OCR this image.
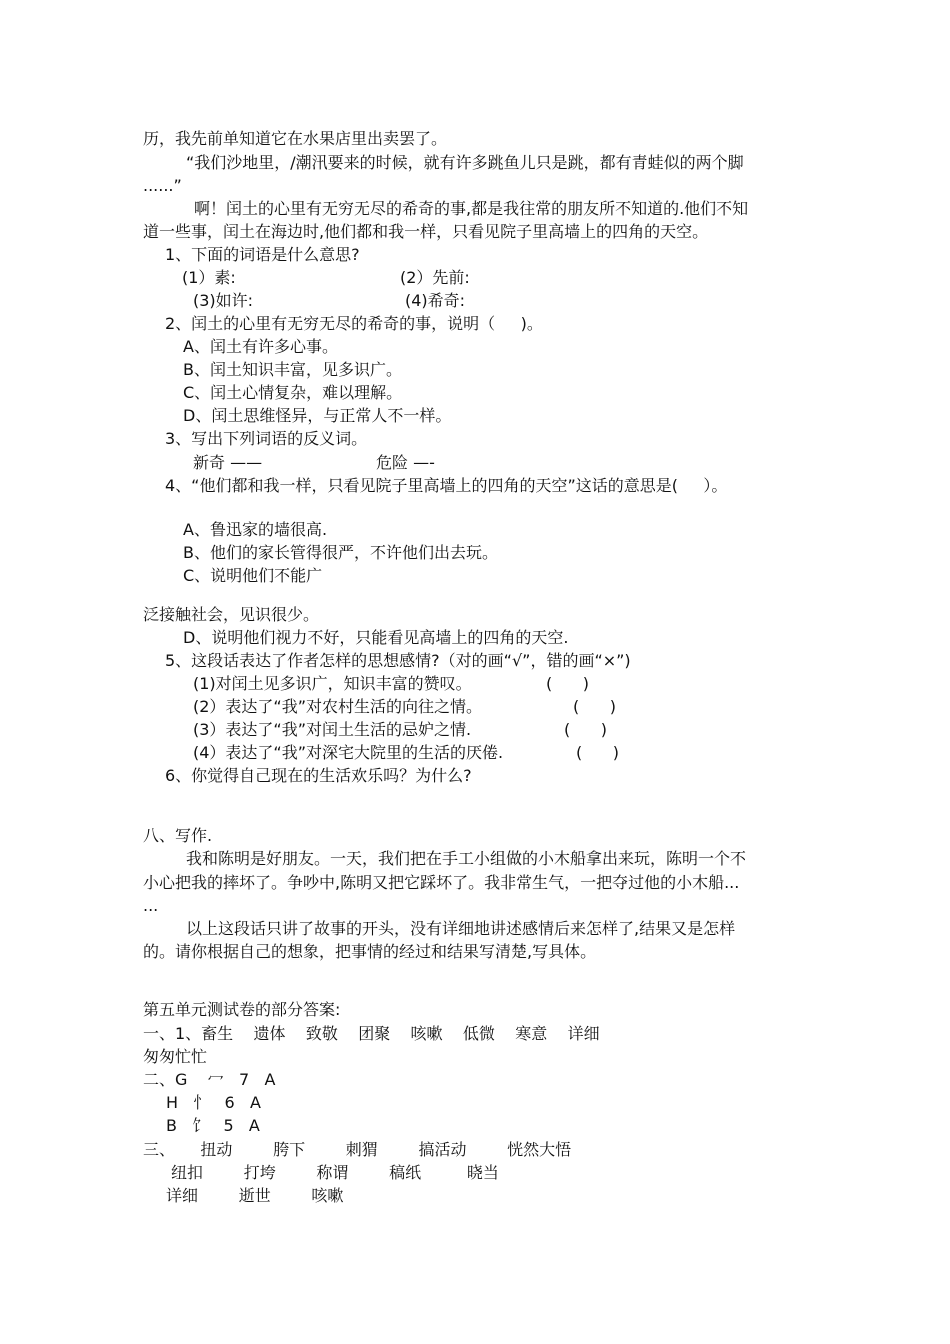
历，我先前单知道它在水果店里出卖罢了。
“我们沙地里，/潮汛要来的时候，就有许多跳鱼儿只是跳，都有青蛙似的两个脚
......”
啊！闰土的心里有无穷无尽的希奇的事,都是我往常的朋友所不知道的.他们不知
道一些事，闰土在海边时,他们都和我一样，只看见院子里高墙上的四角的天空。
1、下面的词语是什么意思?
(1）素:	(2）先前:
(3)如许:	(4)希奇:
2、闰土的心里有无穷无尽的希奇的事，说明（     )。
A、闰土有许多心事。
B、闰土知识丰富，见多识广。
C、闰土心情复杂，难以理解。
D、闰土思维怪异，与正常人不一样。
3、写出下列词语的反义词。
新奇 ——	危险 —-
4、“他们都和我一样，只看见院子里高墙上的四角的天空”这话的意思是(     ）。
A、鲁迅家的墙很高.
B、他们的家长管得很严，不许他们出去玩。
C、说明他们不能广
泛接触社会，见识很少。
D、说明他们视力不好，只能看见高墙上的四角的天空.
5、这段话表达了作者怎样的思想感情?（对的画“√”，错的画“×”)
(1)对闰土见多识广，知识丰富的赞叹。	(      )
(2）表达了“我”对农村生活的向往之情。	(      )
(3）表达了“我”对闰土生活的忌妒之情.	(      )
(4）表达了“我”对深宅大院里的生活的厌倦.	(      )
6、你觉得自己现在的生活欢乐吗？为什么?
八、写作.
我和陈明是好朋友。一天，我们把在手工小组做的小木船拿出来玩，陈明一个不
小心把我的摔坏了。争吵中,陈明又把它踩坏了。我非常生气，一把夺过他的小木船...
...
以上这段话只讲了故事的开头，没有详细地讲述感情后来怎样了,结果又是怎样
的。请你根据自己的想象，把事情的经过和结果写清楚,写具体。
第五单元测试卷的部分答案:
一、1、畜生    遗体    致敬    团聚    咳嗽    低微    寒意    详细
匆匆忙忙
二、G    冖   7   A
H   忄   6   A
B   饣   5   A
三、     扭动        胯下        刺猬        搞活动        恍然大悟
纽扣        打垮        称谓        稿纸         晓当
详细        逝世        咳嗽
